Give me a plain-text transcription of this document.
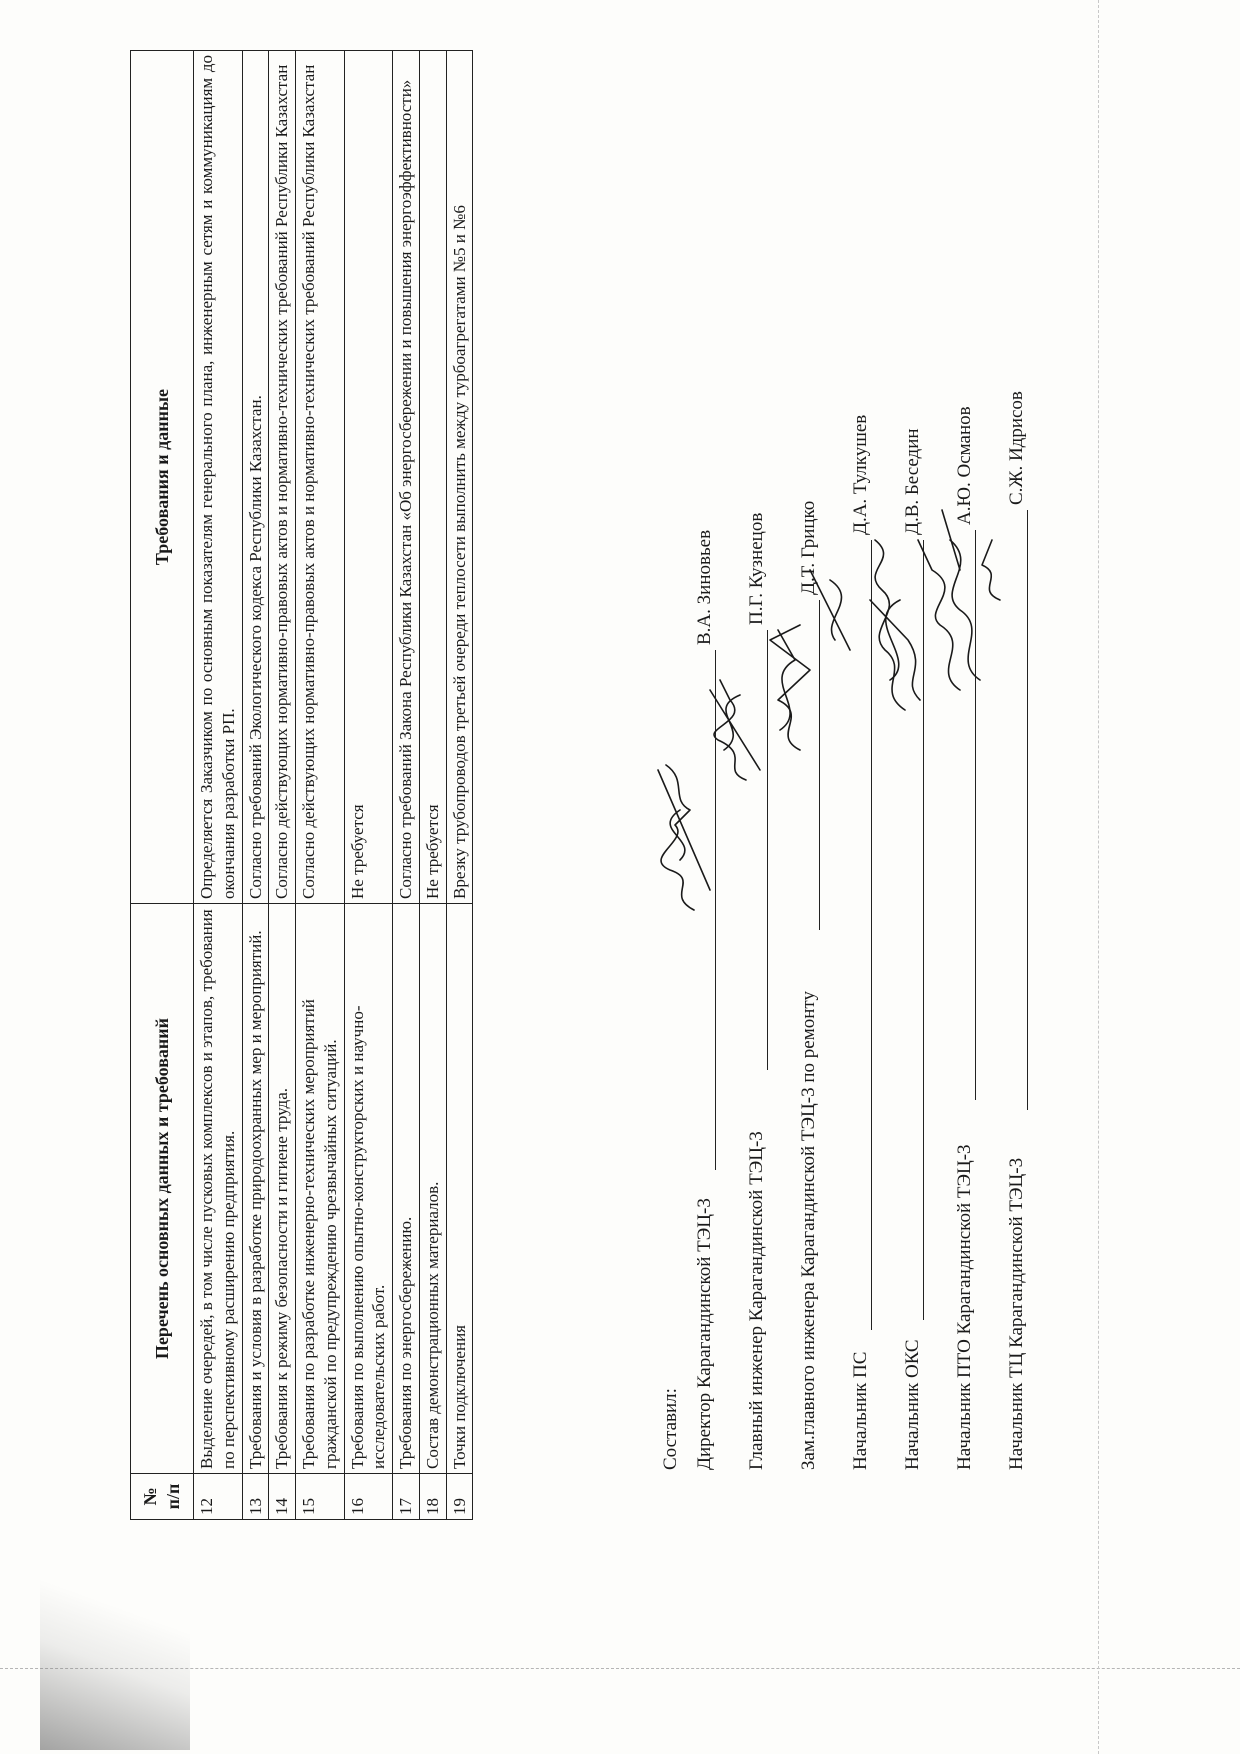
№ п/п	Перечень основных данных и требований	Требования и данные
12	Выделение очередей, в том числе пусковых комплексов и этапов, требования по перспективному расширению предприятия.	Определяется Заказчиком по основным показателям генерального плана, инженерным сетям и коммуникациям до окончания разработки РП.
13	Требования и условия в разработке природоохранных мер и мероприятий.	Согласно требований Экологического кодекса Республики Казахстан.
14	Требования к режиму безопасности и гигиене труда.	Согласно действующих нормативно-правовых актов и нормативно-технических требований Республики Казахстан
15	Требования по разработке инженерно-технических мероприятий гражданской по предупреждению чрезвычайных ситуаций.	Согласно действующих нормативно-правовых актов и нормативно-технических требований Республики Казахстан
16	Требования по выполнению опытно-конструкторских и научно-исследовательских работ.	Не требуется
17	Требования по энергосбережению.	Согласно требований Закона Республики Казахстан «Об энергосбережении и повышения энергоэффективности»
18	Состав демонстрационных материалов.	Не требуется
19	Точки подключения	Врезку трубопроводов третьей очереди теплосети выполнить между турбоагрегатами №5 и №6
Составил: Директор Карагандинской ТЭЦ-3
В.А. Зиновьев
Главный инженер Карагандинской ТЭЦ-3
П.Г. Кузнецов
Зам.главного инженера Карагандинской ТЭЦ-3 по ремонту
Д.Т. Грицко
Начальник ПС
Д.А. Тулкушев
Начальник ОКС
Д.В. Беседин
Начальник ПТО Карагандинской ТЭЦ-3
А.Ю. Османов
Начальник ТЦ Карагандинской ТЭЦ-3
С.Ж. Идрисов
